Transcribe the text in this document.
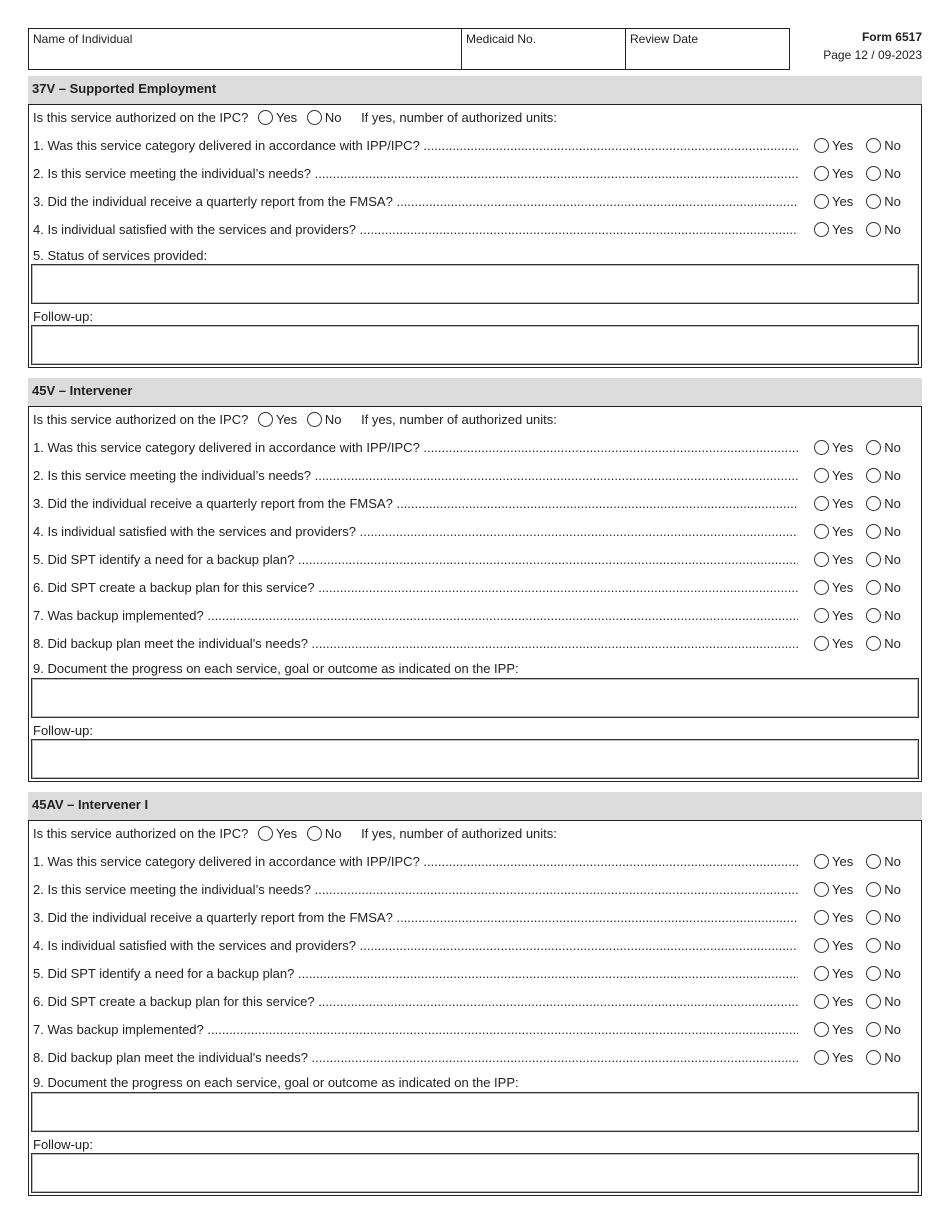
Name of Individual	Medicaid No.	Review Date	Form 6517
Page 12 / 09-2023
37V – Supported Employment
Is this service authorized on the IPC? Yes No If yes, number of authorized units:
1. Was this service category delivered in accordance with IPP/IPC? .....	Yes No
2. Is this service meeting the individual’s needs? .....	Yes No
3. Did the individual receive a quarterly report from the FMSA? .....	Yes No
4. Is individual satisfied with the services and providers? .....	Yes No
5. Status of services provided:
Follow-up:
45V – Intervener
Is this service authorized on the IPC? Yes No If yes, number of authorized units:
1. Was this service category delivered in accordance with IPP/IPC? .....	Yes No
2. Is this service meeting the individual’s needs? .....	Yes No
3. Did the individual receive a quarterly report from the FMSA? .....	Yes No
4. Is individual satisfied with the services and providers? .....	Yes No
5. Did SPT identify a need for a backup plan? .....	Yes No
6. Did SPT create a backup plan for this service? .....	Yes No
7. Was backup implemented? .....	Yes No
8. Did backup plan meet the individual's needs? .....	Yes No
9. Document the progress on each service, goal or outcome as indicated on the IPP:
Follow-up:
45AV – Intervener I
Is this service authorized on the IPC? Yes No If yes, number of authorized units:
1. Was this service category delivered in accordance with IPP/IPC? .....	Yes No
2. Is this service meeting the individual’s needs? .....	Yes No
3. Did the individual receive a quarterly report from the FMSA? .....	Yes No
4. Is individual satisfied with the services and providers? .....	Yes No
5. Did SPT identify a need for a backup plan? .....	Yes No
6. Did SPT create a backup plan for this service? .....	Yes No
7. Was backup implemented? .....	Yes No
8. Did backup plan meet the individual's needs? .....	Yes No
9. Document the progress on each service, goal or outcome as indicated on the IPP:
Follow-up:
